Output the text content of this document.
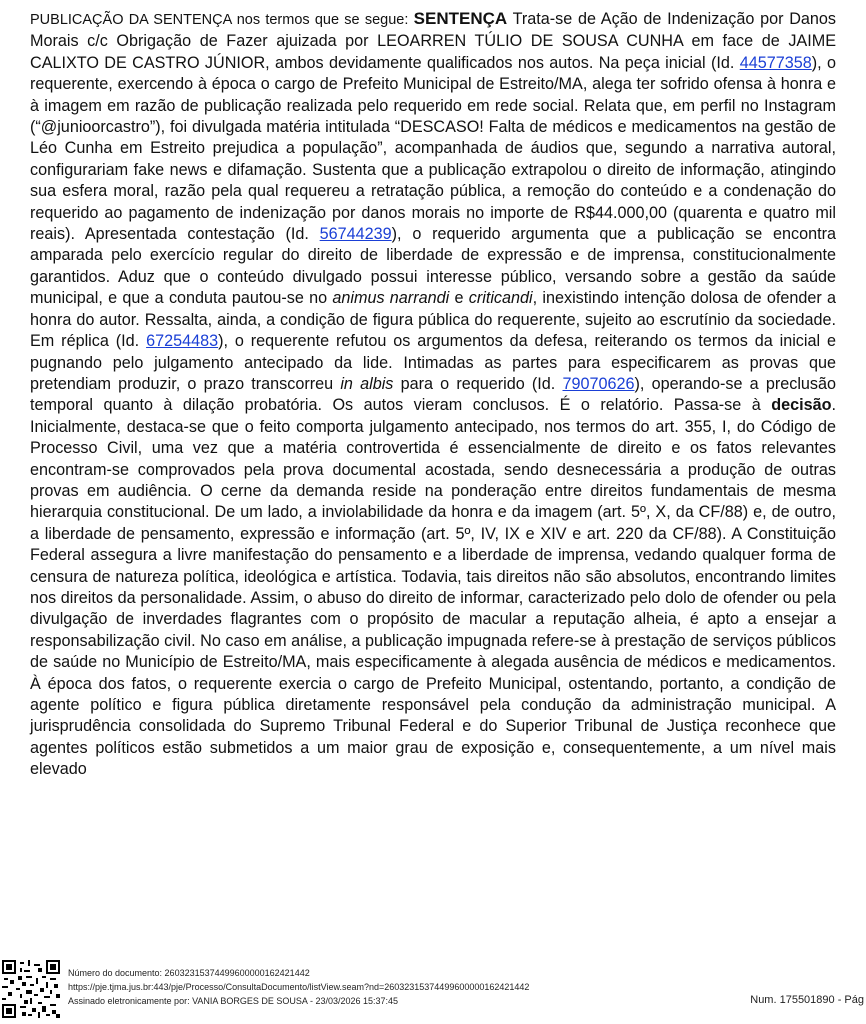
PUBLICAÇÃO DA SENTENÇA nos termos que se segue: SENTENÇA Trata-se de Ação de Indenização por Danos Morais c/c Obrigação de Fazer ajuizada por LEOARREN TÚLIO DE SOUSA CUNHA em face de JAIME CALIXTO DE CASTRO JÚNIOR, ambos devidamente qualificados nos autos. Na peça inicial (Id. 44577358), o requerente, exercendo à época o cargo de Prefeito Municipal de Estreito/MA, alega ter sofrido ofensa à honra e à imagem em razão de publicação realizada pelo requerido em rede social. Relata que, em perfil no Instagram (“@junioorcastro”), foi divulgada matéria intitulada “DESCASO! Falta de médicos e medicamentos na gestão de Léo Cunha em Estreito prejudica a população”, acompanhada de áudios que, segundo a narrativa autoral, configurariam fake news e difamação. Sustenta que a publicação extrapolou o direito de informação, atingindo sua esfera moral, razão pela qual requereu a retratação pública, a remoção do conteúdo e a condenação do requerido ao pagamento de indenização por danos morais no importe de R$44.000,00 (quarenta e quatro mil reais). Apresentada contestação (Id. 56744239), o requerido argumenta que a publicação se encontra amparada pelo exercício regular do direito de liberdade de expressão e de imprensa, constitucionalmente garantidos. Aduz que o conteúdo divulgado possui interesse público, versando sobre a gestão da saúde municipal, e que a conduta pautou-se no animus narrandi e criticandi, inexistindo intenção dolosa de ofender a honra do autor. Ressalta, ainda, a condição de figura pública do requerente, sujeito ao escrutínio da sociedade. Em réplica (Id. 67254483), o requerente refutou os argumentos da defesa, reiterando os termos da inicial e pugnando pelo julgamento antecipado da lide. Intimadas as partes para especificarem as provas que pretendiam produzir, o prazo transcorreu in albis para o requerido (Id. 79070626), operando-se a preclusão temporal quanto à dilação probatória. Os autos vieram conclusos. É o relatório. Passa-se à decisão. Inicialmente, destaca-se que o feito comporta julgamento antecipado, nos termos do art. 355, I, do Código de Processo Civil, uma vez que a matéria controvertida é essencialmente de direito e os fatos relevantes encontram-se comprovados pela prova documental acostada, sendo desnecessária a produção de outras provas em audiência. O cerne da demanda reside na ponderação entre direitos fundamentais de mesma hierarquia constitucional. De um lado, a inviolabilidade da honra e da imagem (art. 5º, X, da CF/88) e, de outro, a liberdade de pensamento, expressão e informação (art. 5º, IV, IX e XIV e art. 220 da CF/88). A Constituição Federal assegura a livre manifestação do pensamento e a liberdade de imprensa, vedando qualquer forma de censura de natureza política, ideológica e artística. Todavia, tais direitos não são absolutos, encontrando limites nos direitos da personalidade. Assim, o abuso do direito de informar, caracterizado pelo dolo de ofender ou pela divulgação de inverdades flagrantes com o propósito de macular a reputação alheia, é apto a ensejar a responsabilização civil. No caso em análise, a publicação impugnada refere-se à prestação de serviços públicos de saúde no Município de Estreito/MA, mais especificamente à alegada ausência de médicos e medicamentos. À época dos fatos, o requerente exercia o cargo de Prefeito Municipal, ostentando, portanto, a condição de agente político e figura pública diretamente responsável pela condução da administração municipal. A jurisprudência consolidada do Supremo Tribunal Federal e do Superior Tribunal de Justiça reconhece que agentes políticos estão submetidos a um maior grau de exposição e, consequentemente, a um nível mais elevado
Número do documento: 26032315374499600000162421442
https://pje.tjma.jus.br:443/pje/Processo/ConsultaDocumento/listView.seam?nd=26032315374499600000162421442
Assinado eletronicamente por: VANIA BORGES DE SOUSA - 23/03/2026 15:37:45	Num. 175501890 - Pág
